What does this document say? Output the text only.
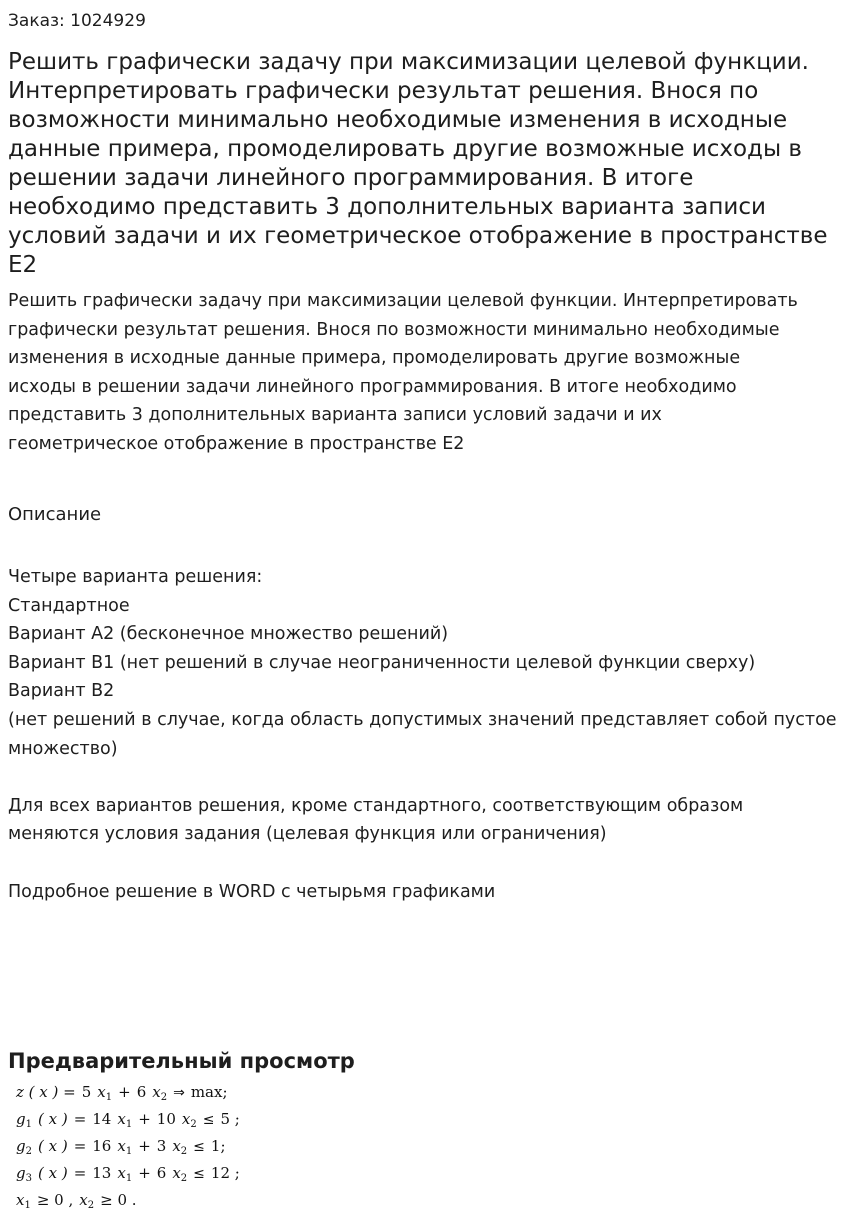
Заказ: 1024929

Решить графически задачу при максимизации целевой функции. Интерпретировать графически результат решения. Внося по возможности минимально необходимые изменения в исходные данные примера, промоделировать другие возможные исходы в решении задачи линейного программирования. В итоге необходимо представить 3 дополнительных варианта записи условий задачи и их геометрическое отображение в пространстве Е2

Решить графически задачу при максимизации целевой функции. Интерпретировать графически результат решения. Внося по возможности минимально необходимые изменения в исходные данные примера, промоделировать другие возможные исходы в решении задачи линейного программирования. В итоге необходимо представить 3 дополнительных варианта записи условий задачи и их геометрическое отображение в пространстве Е2

Описание
Четыре варианта решения:
Стандартное
Вариант А2 (бесконечное множество решений)
Вариант В1 (нет решений в случае неограниченности целевой функции сверху)
Вариант В2
(нет решений в случае, когда область допустимых значений представляет собой пустое множество)
Для всех вариантов решения, кроме стандартного, соответствующим образом меняются условия задания (целевая функция или ограничения)
Подробное решение в WORD с четырьмя графиками
Предварительный просмотр
z ( x ) = 5 $x_1 + 6$ $x_2$ ⇒ max;
$g_1$ ( x ) = 14 $x_1 + 10$ $x_2 \le 5$ ;
$g_2$ ( x ) = 16 $x_1 + 3$ $x_2 \le 1$;
$g_3$ ( x ) = 13 $x_1 + 6$ $x_2 \le 12$ ;
$x_1 \ge 0$ , $x_2 \ge 0$ .
